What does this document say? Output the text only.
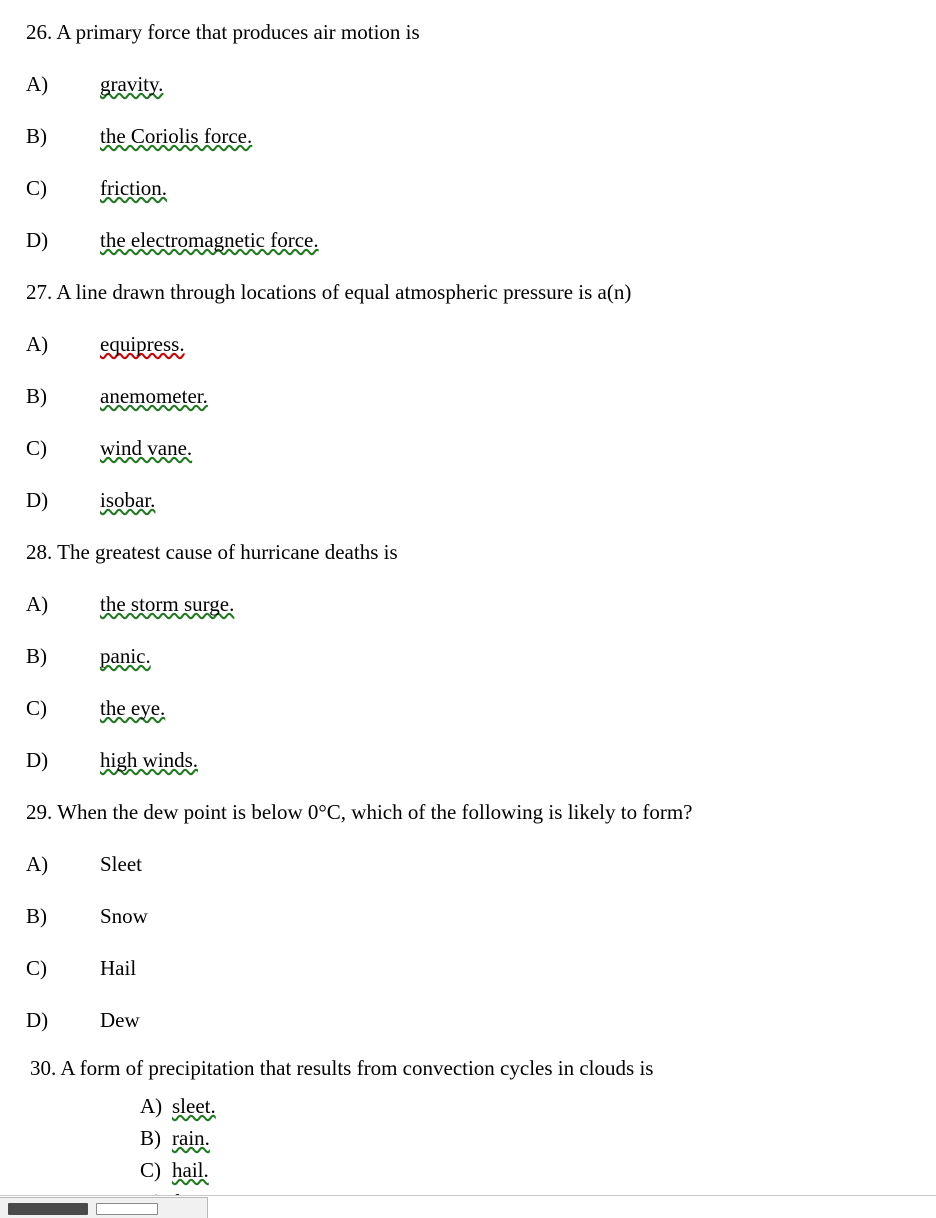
26. A primary force that produces air motion is
A)	gravity.
B)	the Coriolis force.
C)	friction.
D)	the electromagnetic force.
27. A line drawn through locations of equal atmospheric pressure is a(n)
A)	equipress.
B)	anemometer.
C)	wind vane.
D)	isobar.
28. The greatest cause of hurricane deaths is
A)	the storm surge.
B)	panic.
C)	the eye.
D)	high winds.
29. When the dew point is below 0°C, which of the following is likely to form?
A)	Sleet
B)	Snow
C)	Hail
D)	Dew
30. A form of precipitation that results from convection cycles in clouds is
A) sleet.
B) rain.
C) hail.
